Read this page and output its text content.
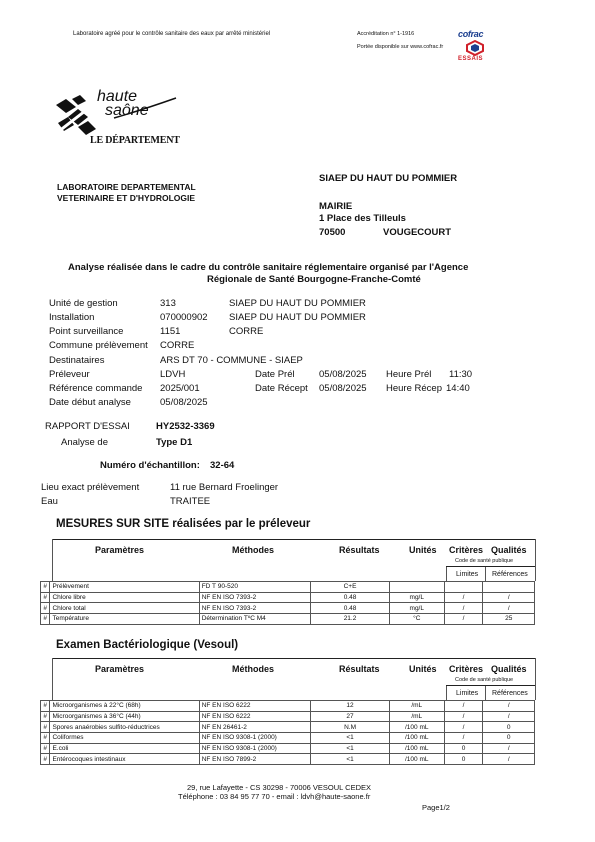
Laboratoire agréé pour le contrôle sanitaire des eaux par arrêté ministériel	Accréditation n° 1-1916
Portée disponible sur www.cofrac.fr
cofrac
ESSAIS
haute
saône
LE DÉPARTEMENT
LABORATOIRE DEPARTEMENTAL
VETERINAIRE ET D'HYDROLOGIE
SIAEP DU HAUT DU POMMIER
MAIRIE
1 Place des Tilleuls
70500	VOUGECOURT
Analyse réalisée dans le cadre du contrôle sanitaire réglementaire organisé par l'Agence
Régionale de Santé Bourgogne-Franche-Comté
Unité de gestion	313	SIAEP DU HAUT DU POMMIER
Installation	070000902 SIAEP DU HAUT DU POMMIER
Point surveillance	1151	CORRE
Commune prélèvement CORRE
Destinataires	ARS DT 70 - COMMUNE - SIAEP
Préleveur	LDVH	Date Prél	05/08/2025 Heure Prél 11:30
Référence commande 2025/001	Date Récept 05/08/2025 Heure Récep 14:40
Date début analyse	05/08/2025
RAPPORT D'ESSAI	HY2532-3369
Analyse de	Type D1
Numéro d'échantillon: 32-64
Lieu exact prélèvement	11 rue Bernard Froelinger
Eau	TRAITEE
MESURES SUR SITE réalisées par le préleveur
Paramètres	Méthodes	Résultats	Unités Critères Qualités
Code de santé publique
Limites Références
#	Prélèvement	FD T 90-520	C+E			
#	Chlore libre	NF EN ISO 7393-2	0.48	mg/L	/	/
#	Chlore total	NF EN ISO 7393-2	0.48	mg/L	/	/
#	Température	Détermination TºC M4	21.2	°C	/	25
Examen Bactériologique (Vesoul)
Paramètres	Méthodes	Résultats	Unités Critères Qualités
Code de santé publique
Limites Références
#	Microorganismes à 22°C (68h)	NF EN ISO 6222	12	/mL	/	/
#	Microorganismes à 36°C (44h)	NF EN ISO 6222	27	/mL	/	/
#	Spores anaérobies sulfito-réductrices	NF EN 26461-2	N.M	/100 mL	/	0
#	Coliformes	NF EN ISO 9308-1 (2000)	<1	/100 mL	/	0
#	E.coli	NF EN ISO 9308-1 (2000)	<1	/100 mL	0	/
#	Entérocoques intestinaux	NF EN ISO 7899-2	<1	/100 mL	0	/
29, rue Lafayette - CS 30298 - 70006 VESOUL CEDEX
Téléphone : 03 84 95 77 70 - email : ldvh@haute-saone.fr
Page1/2
